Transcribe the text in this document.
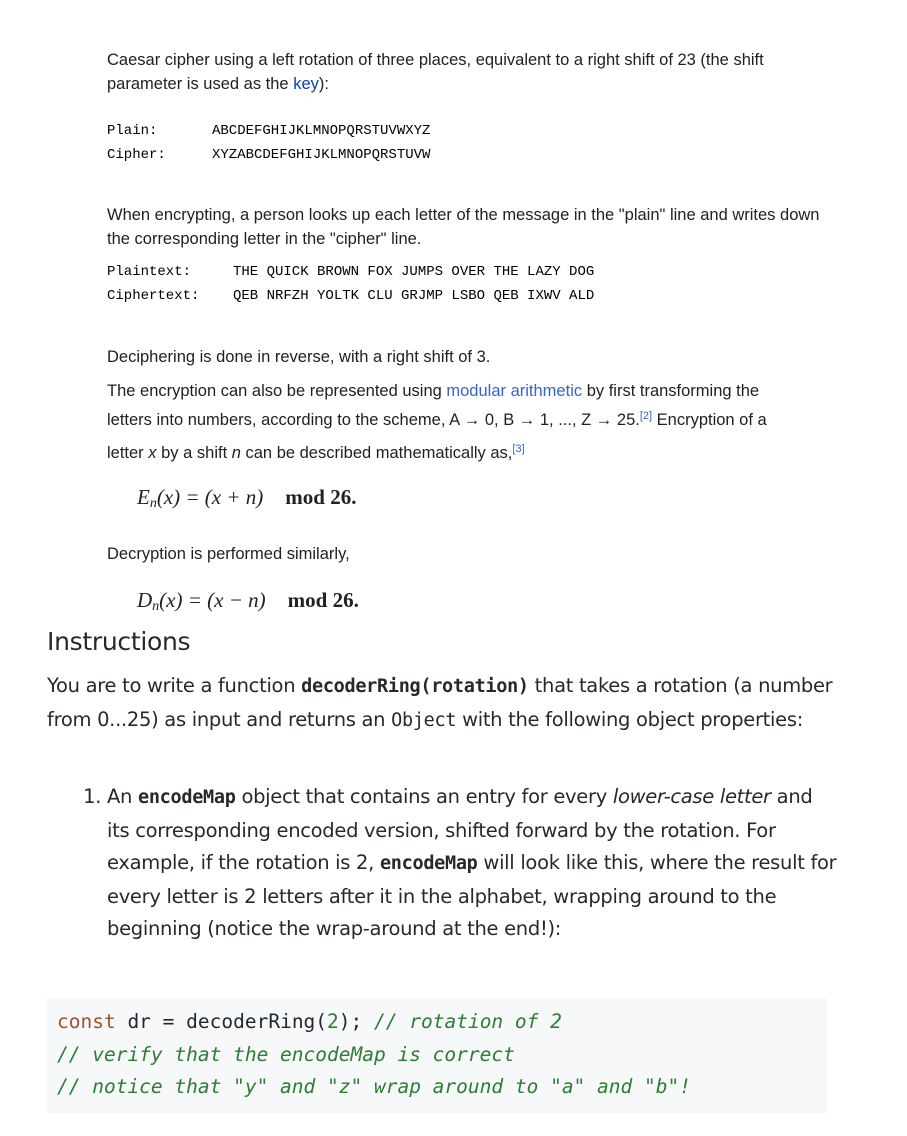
Caesar cipher using a left rotation of three places, equivalent to a right shift of 23 (the shift parameter is used as the key):

Plain:	ABCDEFGHIJKLMNOPQRSTUVWXYZ
Cipher:	XYZABCDEFGHIJKLMNOPQRSTUVW

When encrypting, a person looks up each letter of the message in the "plain" line and writes down the corresponding letter in the "cipher" line.

Plaintext:	THE QUICK BROWN FOX JUMPS OVER THE LAZY DOG
Ciphertext:	QEB NRFZH YOLTK CLU GRJMP LSBO QEB IXWV ALD

Deciphering is done in reverse, with a right shift of 3.

The encryption can also be represented using modular arithmetic by first transforming the
letters into numbers, according to the scheme, A → 0, B → 1, ..., Z → 25.[2] Encryption of a
letter x by a shift n can be described mathematically as,[3]

$E_n(x) = (x + n)$ mod 26.

Decryption is performed similarly,

$D_n(x) = (x - n)$ mod 26.
Instructions

You are to write a function decoderRing(rotation) that takes a rotation (a number from 0...25) as input and returns an Object with the following object properties:

1. An encodeMap object that contains an entry for every lower-case letter and its corresponding encoded version, shifted forward by the rotation. For example, if the rotation is 2, encodeMap will look like this, where the result for every letter is 2 letters after it in the alphabet, wrapping around to the beginning (notice the wrap-around at the end!):
const dr = decoderRing(2); // rotation of 2
// verify that the encodeMap is correct
// notice that "y" and "z" wrap around to "a" and "b"!
